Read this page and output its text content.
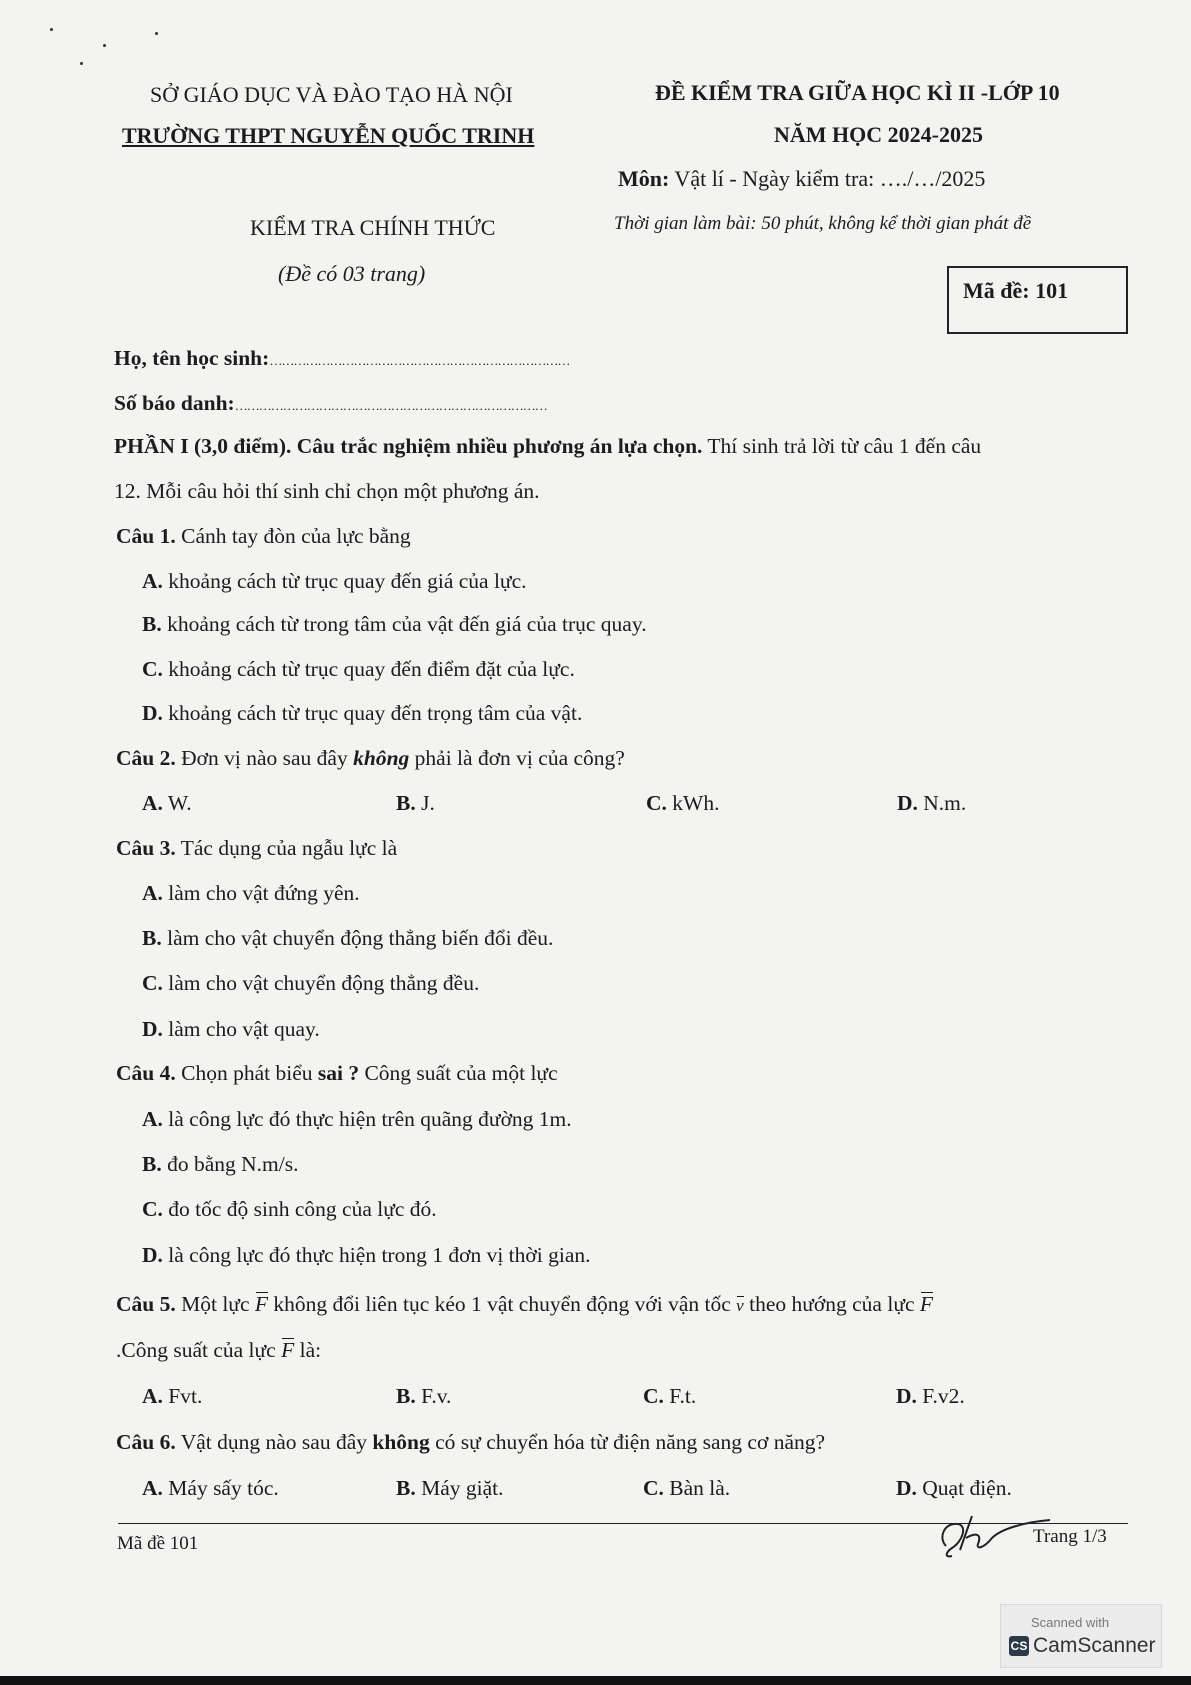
SỞ GIÁO DỤC VÀ ĐÀO TẠO HÀ NỘI
TRƯỜNG THPT NGUYỄN QUỐC TRINH
ĐỀ KIỂM TRA GIỮA HỌC KÌ II -LỚP 10
NĂM HỌC 2024-2025
Môn: Vật lí - Ngày kiểm tra: …./…/2025
KIỂM TRA CHÍNH THỨC	Thời gian làm bài: 50 phút, không kể thời gian phát đề
(Đề có 03 trang)
Mã đề: 101
Họ, tên học sinh:…………………………………………………………………
Số báo danh:……………………………………………………………………
PHẦN I (3,0 điểm). Câu trắc nghiệm nhiều phương án lựa chọn. Thí sinh trả lời từ câu 1 đến câu
12. Mỗi câu hỏi thí sinh chỉ chọn một phương án.
Câu 1. Cánh tay đòn của lực bằng
A. khoảng cách từ trục quay đến giá của lực.
B. khoảng cách từ trong tâm của vật đến giá của trục quay.
C. khoảng cách từ trục quay đến điểm đặt của lực.
D. khoảng cách từ trục quay đến trọng tâm của vật.
Câu 2. Đơn vị nào sau đây không phải là đơn vị của công?
A. W.	B. J.	C. kWh.	D. N.m.
Câu 3. Tác dụng của ngẫu lực là
A. làm cho vật đứng yên.
B. làm cho vật chuyển động thẳng biến đổi đều.
C. làm cho vật chuyển động thẳng đều.
D. làm cho vật quay.
Câu 4. Chọn phát biểu sai ? Công suất của một lực
A. là công lực đó thực hiện trên quãng đường 1m.
B. đo bằng N.m/s.
C. đo tốc độ sinh công của lực đó.
D. là công lực đó thực hiện trong 1 đơn vị thời gian.
Câu 5. Một lực F không đổi liên tục kéo 1 vật chuyển động với vận tốc v theo hướng của lực F
.Công suất của lực F là:
A. Fvt.	B. F.v.	C. F.t.	D. F.v2.
Câu 6. Vật dụng nào sau đây không có sự chuyển hóa từ điện năng sang cơ năng?
A. Máy sấy tóc.	B. Máy giặt.	C. Bàn là.	D. Quạt điện.
Mã đề 101	Trang 1/3
Scanned with
CS CamScanner
